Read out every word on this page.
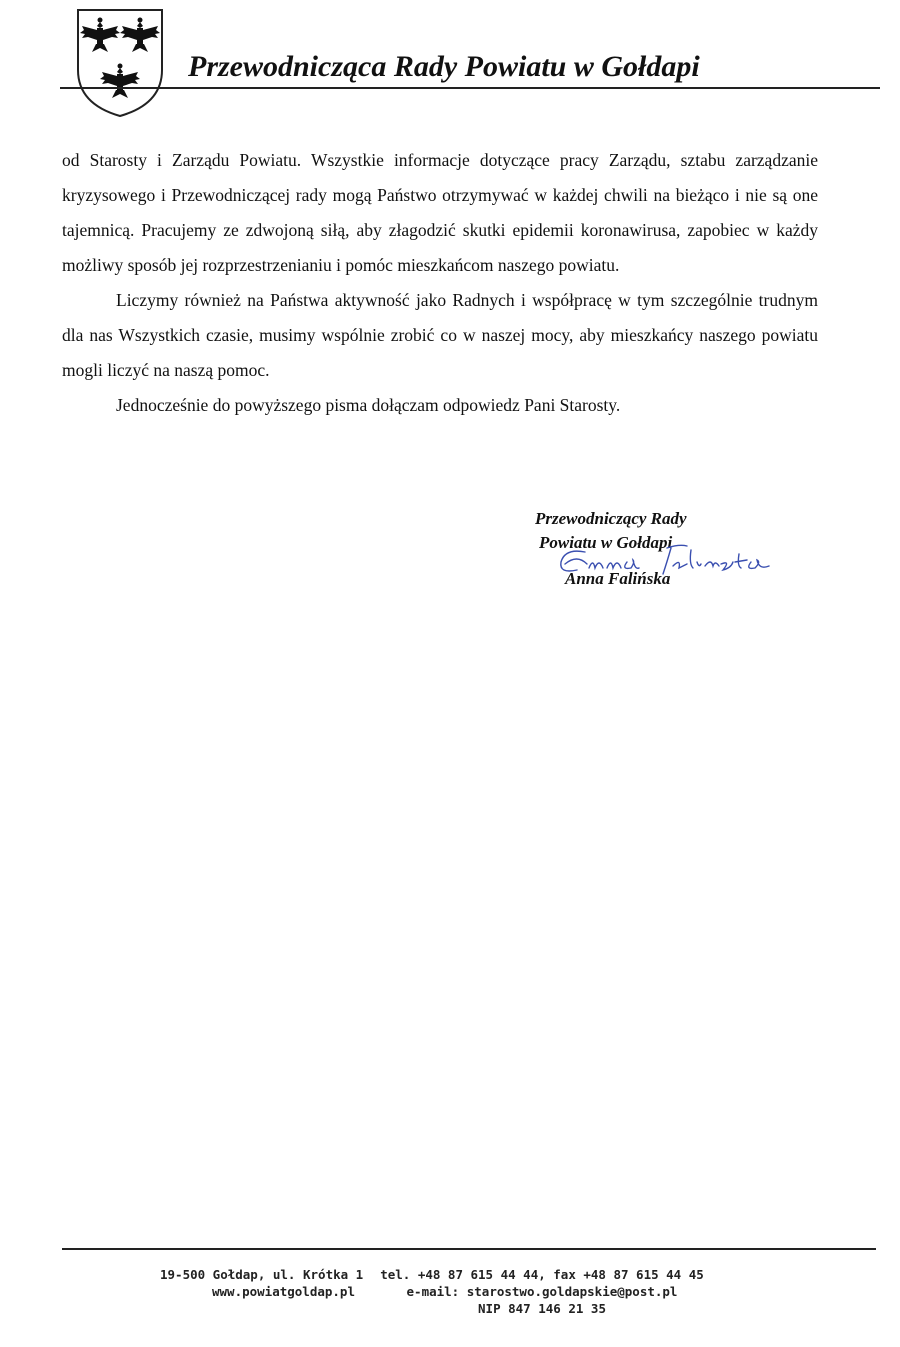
Przewodnicząca Rady Powiatu w Gołdapi

od Starosty i Zarządu Powiatu. Wszystkie informacje dotyczące pracy Zarządu, sztabu zarządzanie kryzysowego i Przewodniczącej rady mogą Państwo otrzymywać w każdej chwili na bieżąco i nie są one tajemnicą. Pracujemy ze zdwojoną siłą, aby złagodzić skutki epidemii koronawirusa, zapobiec w każdy możliwy sposób jej rozprzestrzenianiu i pomóc mieszkańcom naszego powiatu.

Liczymy również na Państwa aktywność jako Radnych i współpracę w tym szczególnie trudnym dla nas Wszystkich czasie, musimy wspólnie zrobić co w naszej mocy, aby mieszkańcy naszego powiatu mogli liczyć na naszą pomoc.

Jednocześnie do powyższego pisma dołączam odpowiedz Pani Starosty.

Przewodniczący Rady
Powiatu w Gołdapi
Anna Falińska
19-500 Gołdap, ul. Krótka 1
www.powiatgoldap.pl
tel. +48 87 615 44 44, fax +48 87 615 44 45
e-mail: starostwo.goldapskie@post.pl
NIP 847 146 21 35
